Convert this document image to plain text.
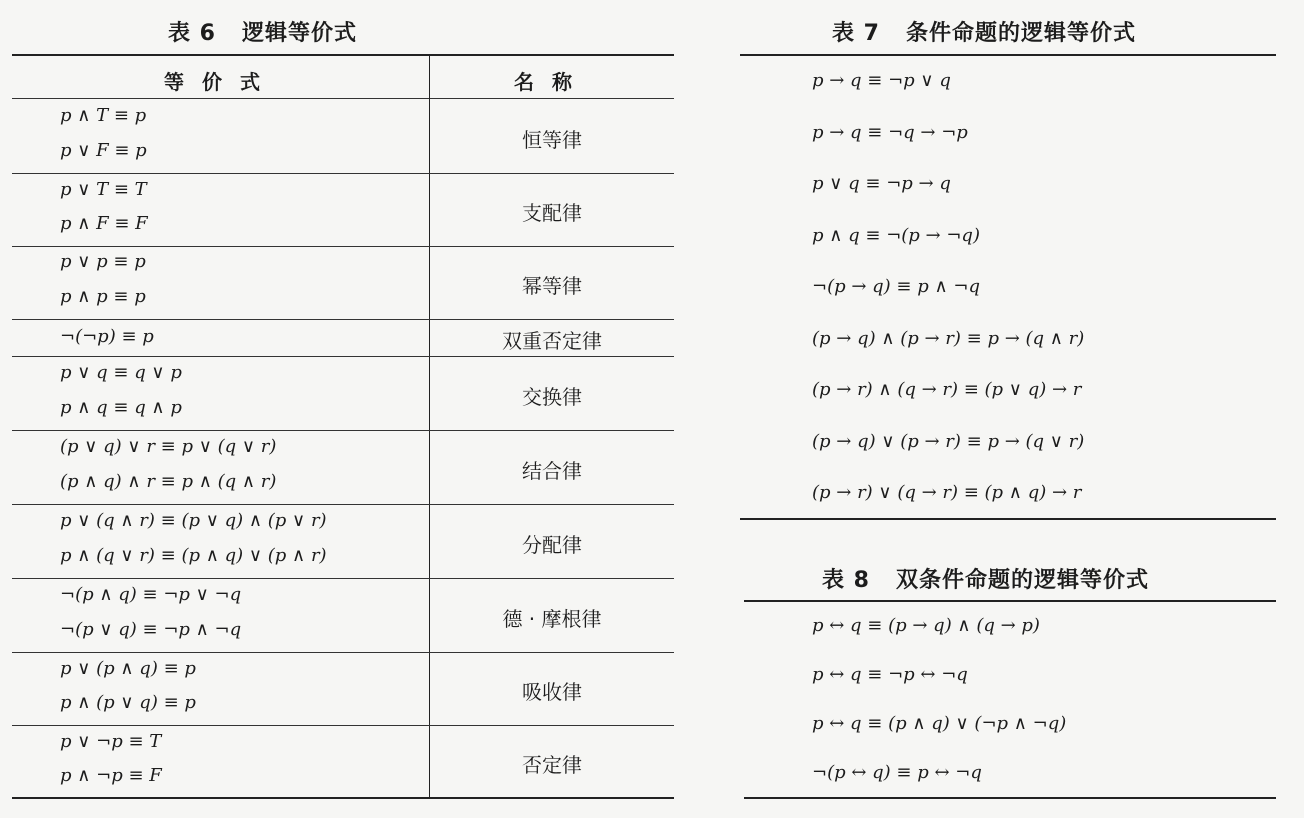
表 6   逻辑等价式
等价式	名称
p ∧ T ≡ p
p ∨ F ≡ p	恒等律
p ∨ T ≡ T
p ∧ F ≡ F	支配律
p ∨ p ≡ p
p ∧ p ≡ p	幂等律
¬(¬p) ≡ p	双重否定律
p ∨ q ≡ q ∨ p
p ∧ q ≡ q ∧ p	交换律
(p ∨ q) ∨ r ≡ p ∨ (q ∨ r)
(p ∧ q) ∧ r ≡ p ∧ (q ∧ r)	结合律
p ∨ (q ∧ r) ≡ (p ∨ q) ∧ (p ∨ r)
p ∧ (q ∨ r) ≡ (p ∧ q) ∨ (p ∧ r)	分配律
¬(p ∧ q) ≡ ¬p ∨ ¬q
¬(p ∨ q) ≡ ¬p ∧ ¬q	德 · 摩根律
p ∨ (p ∧ q) ≡ p
p ∧ (p ∨ q) ≡ p	吸收律
p ∨ ¬p ≡ T
p ∧ ¬p ≡ F	否定律
表 7   条件命题的逻辑等价式
p → q ≡ ¬p ∨ q
p → q ≡ ¬q → ¬p
p ∨ q ≡ ¬p → q
p ∧ q ≡ ¬(p → ¬q)
¬(p → q) ≡ p ∧ ¬q
(p → q) ∧ (p → r) ≡ p → (q ∧ r)
(p → r) ∧ (q → r) ≡ (p ∨ q) → r
(p → q) ∨ (p → r) ≡ p → (q ∨ r)
(p → r) ∨ (q → r) ≡ (p ∧ q) → r
表 8   双条件命题的逻辑等价式
p ↔ q ≡ (p → q) ∧ (q → p)
p ↔ q ≡ ¬p ↔ ¬q
p ↔ q ≡ (p ∧ q) ∨ (¬p ∧ ¬q)
¬(p ↔ q) ≡ p ↔ ¬q
